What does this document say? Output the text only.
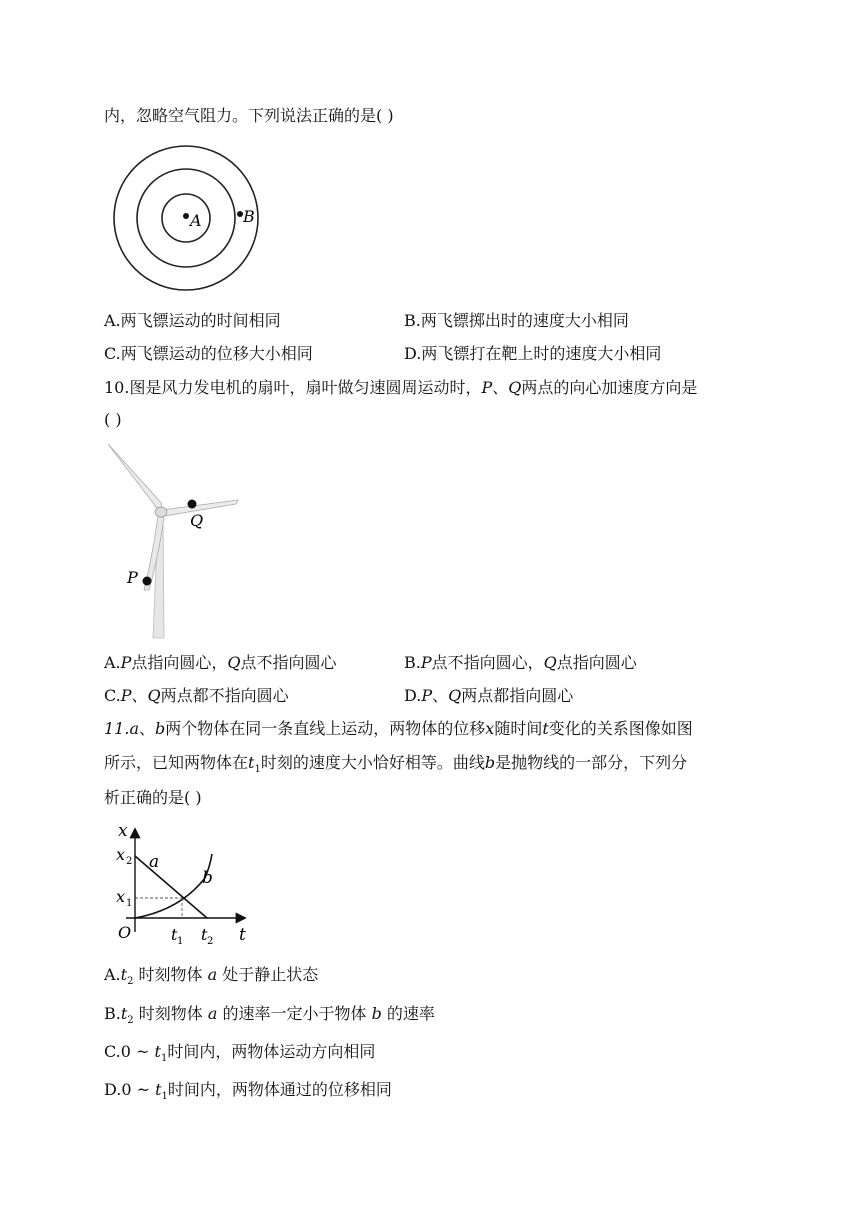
内，忽略空气阻力。下列说法正确的是( )
A	B
A.两飞镖运动的时间相同	B.两飞镖掷出时的速度大小相同
C.两飞镖运动的位移大小相同	D.两飞镖打在靶上时的速度大小相同
10.图是风力发电机的扇叶，扇叶做匀速圆周运动时，P、Q两点的向心加速度方向是
( )
Q
P
A.P点指向圆心，Q点不指向圆心	B.P点不指向圆心，Q点指向圆心
C.P、Q两点都不指向圆心	D.P、Q两点都指向圆心
11.a、b两个物体在同一条直线上运动，两物体的位移x随时间t变化的关系图像如图
所示，已知两物体在$t_1$时刻的速度大小恰好相等。曲线b是抛物线的一部分，下列分
析正确的是( )
x
x 2
x 1
O t 1 t 2 t
a
b
$A.t_2$ 时刻物体 a 处于静止状态
$B.t_2$ 时刻物体 a 的速率一定小于物体 b 的速率
C.0 ~ $t_1$时间内，两物体运动方向相同
D.0 ~ $t_1$时间内，两物体通过的位移相同
